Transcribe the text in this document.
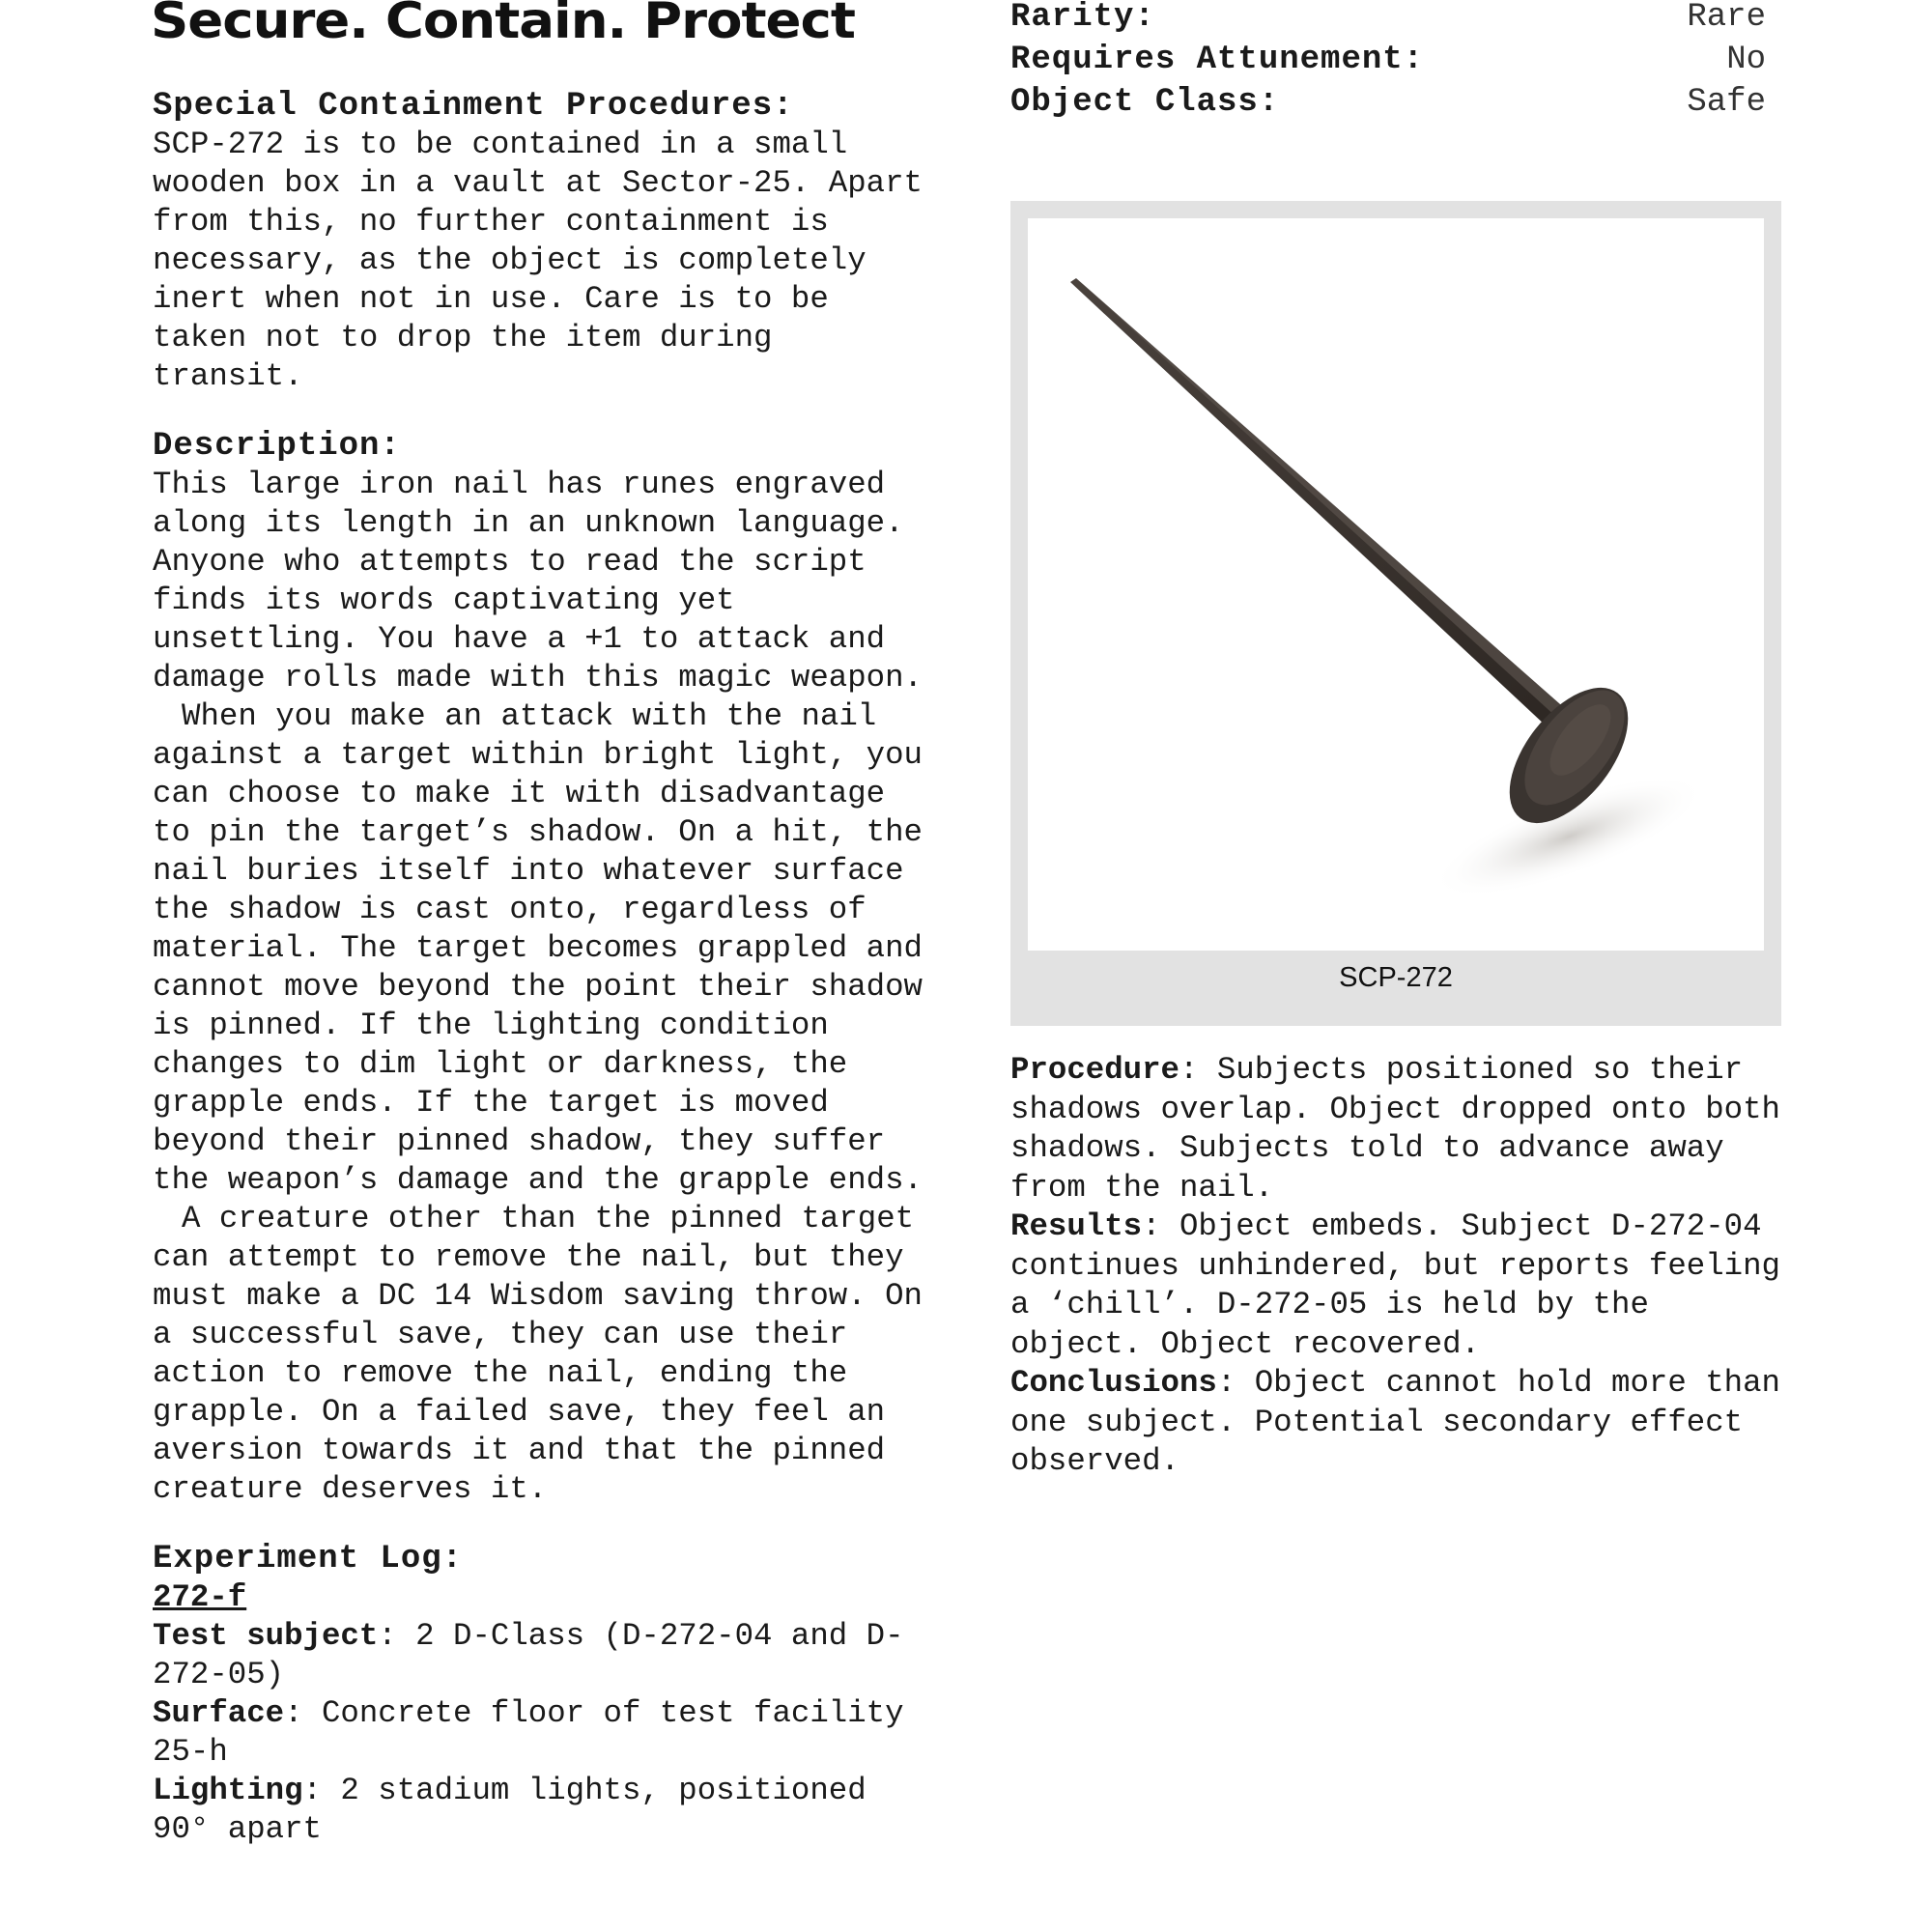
Secure. Contain. Protect	Rarity:	Rare
Requires Attunement:	No
Object Class:	Safe
Special Containment Procedures:

SCP-272 is to be contained in a small wooden box in a vault at Sector-25. Apart from this, no further containment is necessary, as the object is completely inert when not in use. Care is to be taken not to drop the item during transit.

Description:

This large iron nail has runes engraved along its length in an unknown language. Anyone who attempts to read the script finds its words captivating yet unsettling. You have a +1 to attack and damage rolls made with this magic weapon.

When you make an attack with the nail against a target within bright light, you can choose to make it with disadvantage to pin the target’s shadow. On a hit, the nail buries itself into whatever surface the shadow is cast onto, regardless of material. The target becomes grappled and cannot move beyond the point their shadow is pinned. If the lighting condition changes to dim light or darkness, the grapple ends. If the target is moved beyond their pinned shadow, they suffer the weapon’s damage and the grapple ends.

A creature other than the pinned target can attempt to remove the nail, but they must make a DC 14 Wisdom saving throw. On a successful save, they can use their action to remove the nail, ending the grapple. On a failed save, they feel an aversion towards it and that the pinned creature deserves it.

Experiment Log:

272-f

Test subject: 2 D-Class (D-272-04 and D-272-05)

Surface: Concrete floor of test facility 25-h

Lighting: 2 stadium lights, positioned 90° apart

SCP-272

Procedure: Subjects positioned so their shadows overlap. Object dropped onto both shadows. Subjects told to advance away from the nail.

Results: Object embeds. Subject D-272-04 continues unhindered, but reports feeling a ‘chill’. D-272-05 is held by the object. Object recovered.

Conclusions: Object cannot hold more than one subject. Potential secondary effect observed.
